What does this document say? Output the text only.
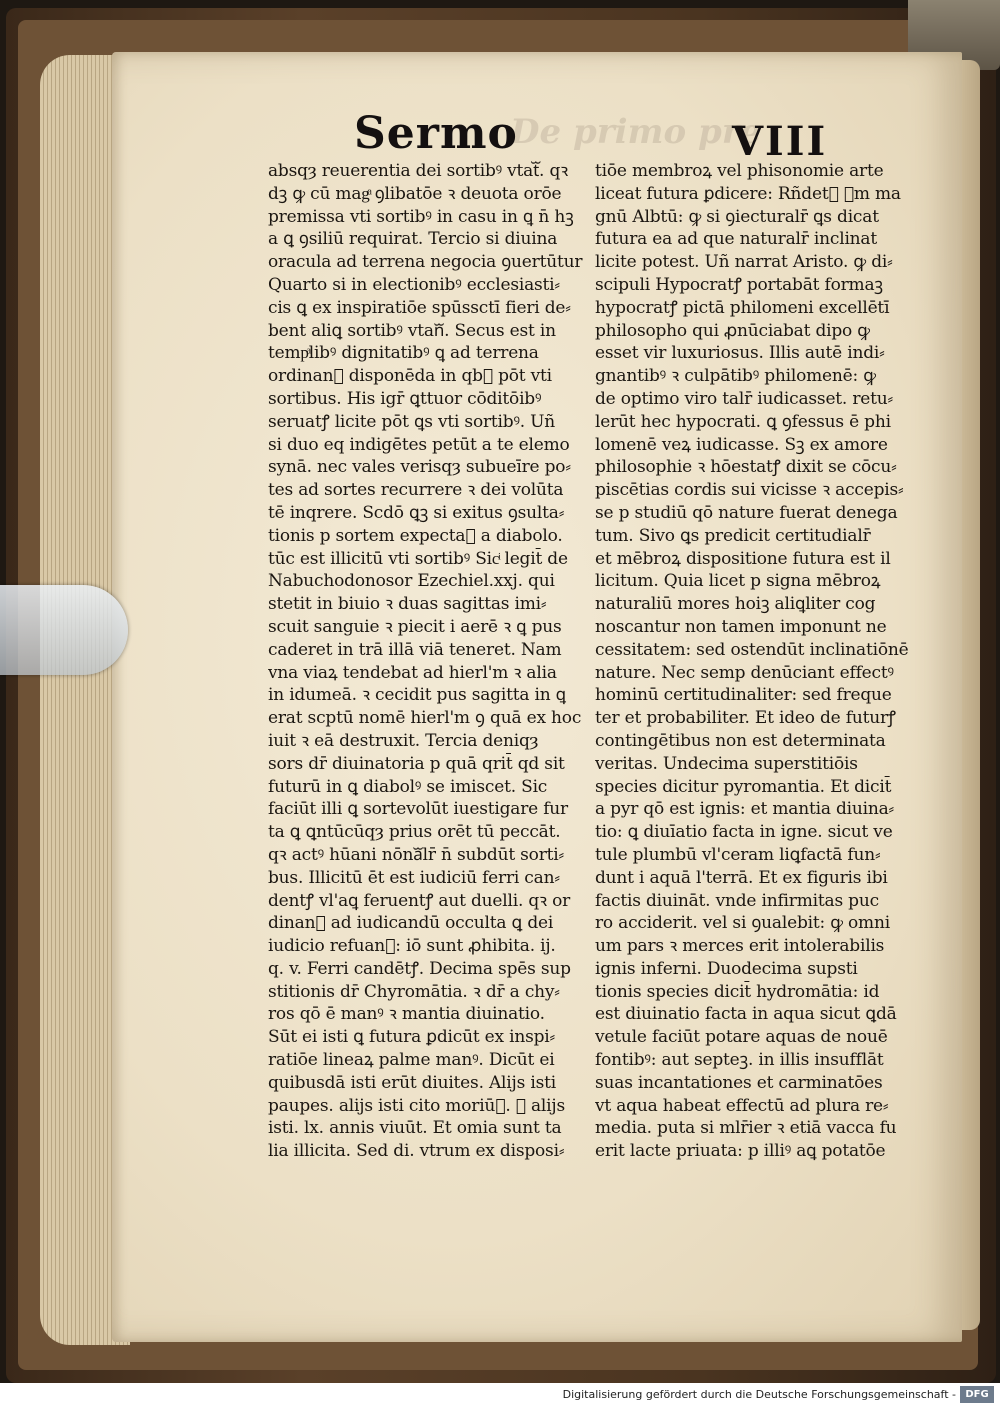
De primo pre
Sermo	VIII
absqȝ reuerentia dei sortibꝰ vtatᷓ. qꝛ
dꝫ ꝙ cū magͣ ꝯlibatōe ꝛ deuota orōe
premissa vti sortibꝰ in casu in ꝗ n̄ hꝫ
a ꝗ ꝯsiliū requirat. Tercio si diuina
oracula ad terrena negocia ꝯuertūtur
Quarto si in electionibꝰ ecclesiasti⸗
cis ꝗ ex inspiratiōe spūssctī fieri de⸗
bent aliꝗ sortibꝰ vtanᷓ. Secus est in
tempͣlibꝰ dignitatibꝰ ꝗ ad terrena
ordinanᷓ disponēda in qbꝰ pōt vti
sortibus. His igr̄ ꝗttuor cōditōibꝰ
seruatꝭ licite pōt ꝗs vti sortibꝰ. Uñ
si duo eq indigētes petūt a te elemo
synā. nec vales verisqȝ subueīre po⸗
tes ad sortes recurrere ꝛ dei volūta
tē inqrere. Scdō ꝗꝫ si exitus ꝯsulta⸗
tionis p sortem expectaᷓ a diabolo.
tūc est illicitū vti sortibꝰ Sicͥ legit̄ de
Nabuchodonosor Ezechiel.xxj. qui
stetit in biuio ꝛ duas sagittas imi⸗
scuit sanguie ꝛ piecit i aerē ꝛ ꝗ pus
caderet in trā illā viā teneret. Nam
vna viaꝝ tendebat ad hierl'm ꝛ alia
in idumeā. ꝛ cecidit pus sagitta in ꝗ
erat scptū nomē hierl'm ꝯ quā ex hoc
iuit ꝛ eā destruxit. Tercia deniqȝ
sors dr̄ diuinatoria p quā qrit̄ qd sit
futurū in ꝗ diabolꝰ se imiscet. Sic
faciūt illi ꝗ sortevolūt iuestigare fur
ta ꝗ ꝗntūcūqȝ prius orēt tū peccāt.
qꝛ actꝰ hūani nōnaᷓlr̄ n̄ subdūt sorti⸗
bus. Illicitū ēt est iudiciū ferri can⸗
dentꝭ vl'aꝗ feruentꝭ aut duelli. qꝛ or
dinanᷓ ad iudicandū occulta ꝗ dei
iudicio refuanᷓ: iō sunt ꝓhibita. ij.
q. v. Ferri candētꝭ. Decima spēs sup
stitionis dr̄ Chyromātia. ꝛ dr̄ a chy⸗
ros qō ē manꝰ ꝛ mantia diuinatio.
Sūt ei isti ꝗ futura ꝑdicūt ex inspi⸗
ratiōe lineaꝝ palme manꝰ. Dicūt ei
quibusdā isti erūt diuites. Alijs isti
paupes. alijs isti cito moriūᷓ. ꝛ alijs
isti. lx. annis viuūt. Et omia sunt ta
lia illicita. Sed di. vtrum ex disposi⸗
tiōe membroꝝ vel phisonomie arte
liceat futura ꝑdicere: Rñdetᷓ ꝫm ma
gnū Albtū: ꝙ si ꝯiecturalr̄ ꝗs dicat
futura ea ad que naturalr̄ inclinat
licite potest. Uñ narrat Aristo. ꝙ di⸗
scipuli Hypocratꝭ portabāt formaꝫ
hypocratꝭ pictā philomeni excellētī
philosopho qui ꝓnūciabat dipo ꝙ
esset vir luxuriosus. Illis autē indi⸗
gnantibꝰ ꝛ culpātibꝰ philomenē: ꝙ
de optimo viro talr̄ iudicasset. retu⸗
lerūt hec hypocrati. ꝗ ꝯfessus ē phi
lomenē veꝝ iudicasse. Sꝫ ex amore
philosophie ꝛ hōestatꝭ dixit se cōcu⸗
piscētias cordis sui vicisse ꝛ accepis⸗
se p studiū qō nature fuerat denega
tum. Sivo ꝗs predicit certitudialr̄
et mēbroꝝ dispositione futura est il
licitum. Quia licet p signa mēbroꝝ
naturaliū mores hoiꝫ aliꝗliter cog
noscantur non tamen imponunt ne
cessitatem: sed ostendūt inclinatiōnē
nature. Nec semp denūciant effectꝰ
hominū certitudinaliter: sed freque
ter et probabiliter. Et ideo de futurꝭ
contingētibus non est determinata
veritas. Undecima superstitiōis
species dicitur pyromantia. Et dicit̄
a pyr qō est ignis: et mantia diuina⸗
tio: ꝗ diuīatio facta in igne. sicut ve
tule plumbū vl'ceram liꝗfactā fun⸗
dunt i aquā l'terrā. Et ex figuris ibi
factis diuināt. vnde infirmitas puc
ro acciderit. vel si ꝯualebit: ꝙ omni
um pars ꝛ merces erit intolerabilis
ignis inferni. Duodecima supsti
tionis species dicit̄ hydromātia: id
est diuinatio facta in aqua sicut ꝗdā
vetule faciūt potare aquas de nouē
fontibꝰ: aut septeꝫ. in illis insufflāt
suas incantationes et carminatōes
vt aqua habeat effectū ad plura re⸗
media. puta si mlr̄ier ꝛ etiā vacca fu
erit lacte priuata: p illiꝰ aꝗ potatōe
Digitalisierung gefördert durch die Deutsche Forschungsgemeinschaft - DFG
